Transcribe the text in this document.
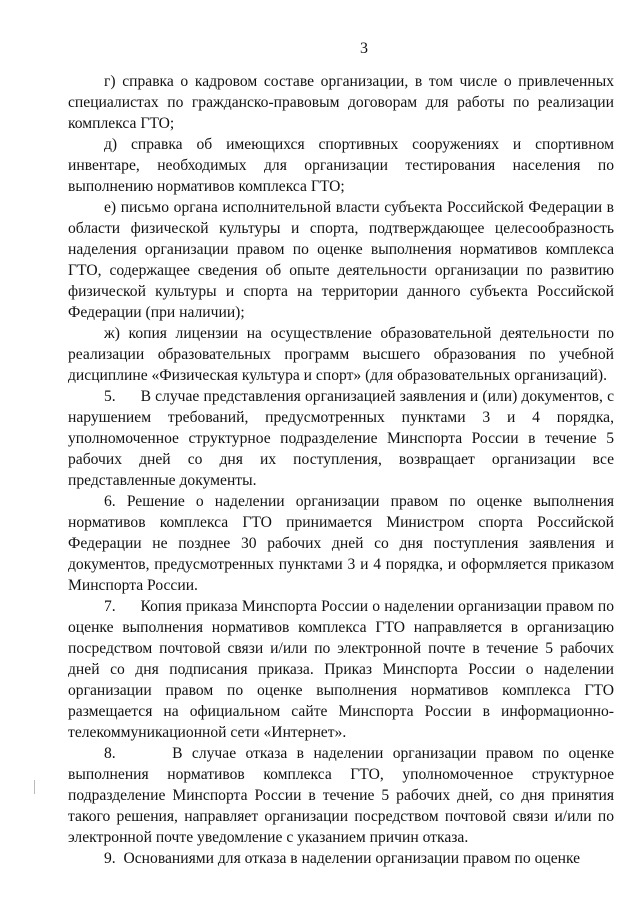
3

г) справка о кадровом составе организации, в том числе о привлеченных специалистах по гражданско-правовым договорам для работы по реализации комплекса ГТО;

д) справка об имеющихся спортивных сооружениях и спортивном инвентаре, необходимых для организации тестирования населения по выполнению нормативов комплекса ГТО;

е) письмо органа исполнительной власти субъекта Российской Федерации в области физической культуры и спорта, подтверждающее целесообразность наделения организации правом по оценке выполнения нормативов комплекса ГТО, содержащее сведения об опыте деятельности организации по развитию физической культуры и спорта на территории данного субъекта Российской Федерации (при наличии);

ж) копия лицензии на осуществление образовательной деятельности по реализации образовательных программ высшего образования по учебной дисциплине «Физическая культура и спорт» (для образовательных организаций).

5.      В случае представления организацией заявления и (или) документов, с нарушением требований, предусмотренных пунктами 3 и 4 порядка, уполномоченное структурное подразделение Минспорта России в течение 5 рабочих дней со дня их поступления, возвращает организации все представленные документы.

6. Решение о наделении организации правом по оценке выполнения нормативов комплекса ГТО принимается Министром спорта Российской Федерации не позднее 30 рабочих дней со дня поступления заявления и документов, предусмотренных пунктами 3 и 4 порядка, и оформляется приказом Минспорта России.

7.      Копия приказа Минспорта России о наделении организации правом по оценке выполнения нормативов комплекса ГТО направляется в организацию посредством почтовой связи и/или по электронной почте в течение 5 рабочих дней со дня подписания приказа. Приказ Минспорта России о наделении организации правом по оценке выполнения нормативов комплекса ГТО размещается на официальном сайте Минспорта России в информационно-телекоммуникационной сети «Интернет».

8.      В случае отказа в наделении организации правом по оценке выполнения нормативов комплекса ГТО, уполномоченное структурное подразделение Минспорта России в течение 5 рабочих дней, со дня принятия такого решения, направляет организации посредством почтовой связи и/или по электронной почте уведомление с указанием причин отказа.

9.  Основаниями для отказа в наделении организации правом по оценке
